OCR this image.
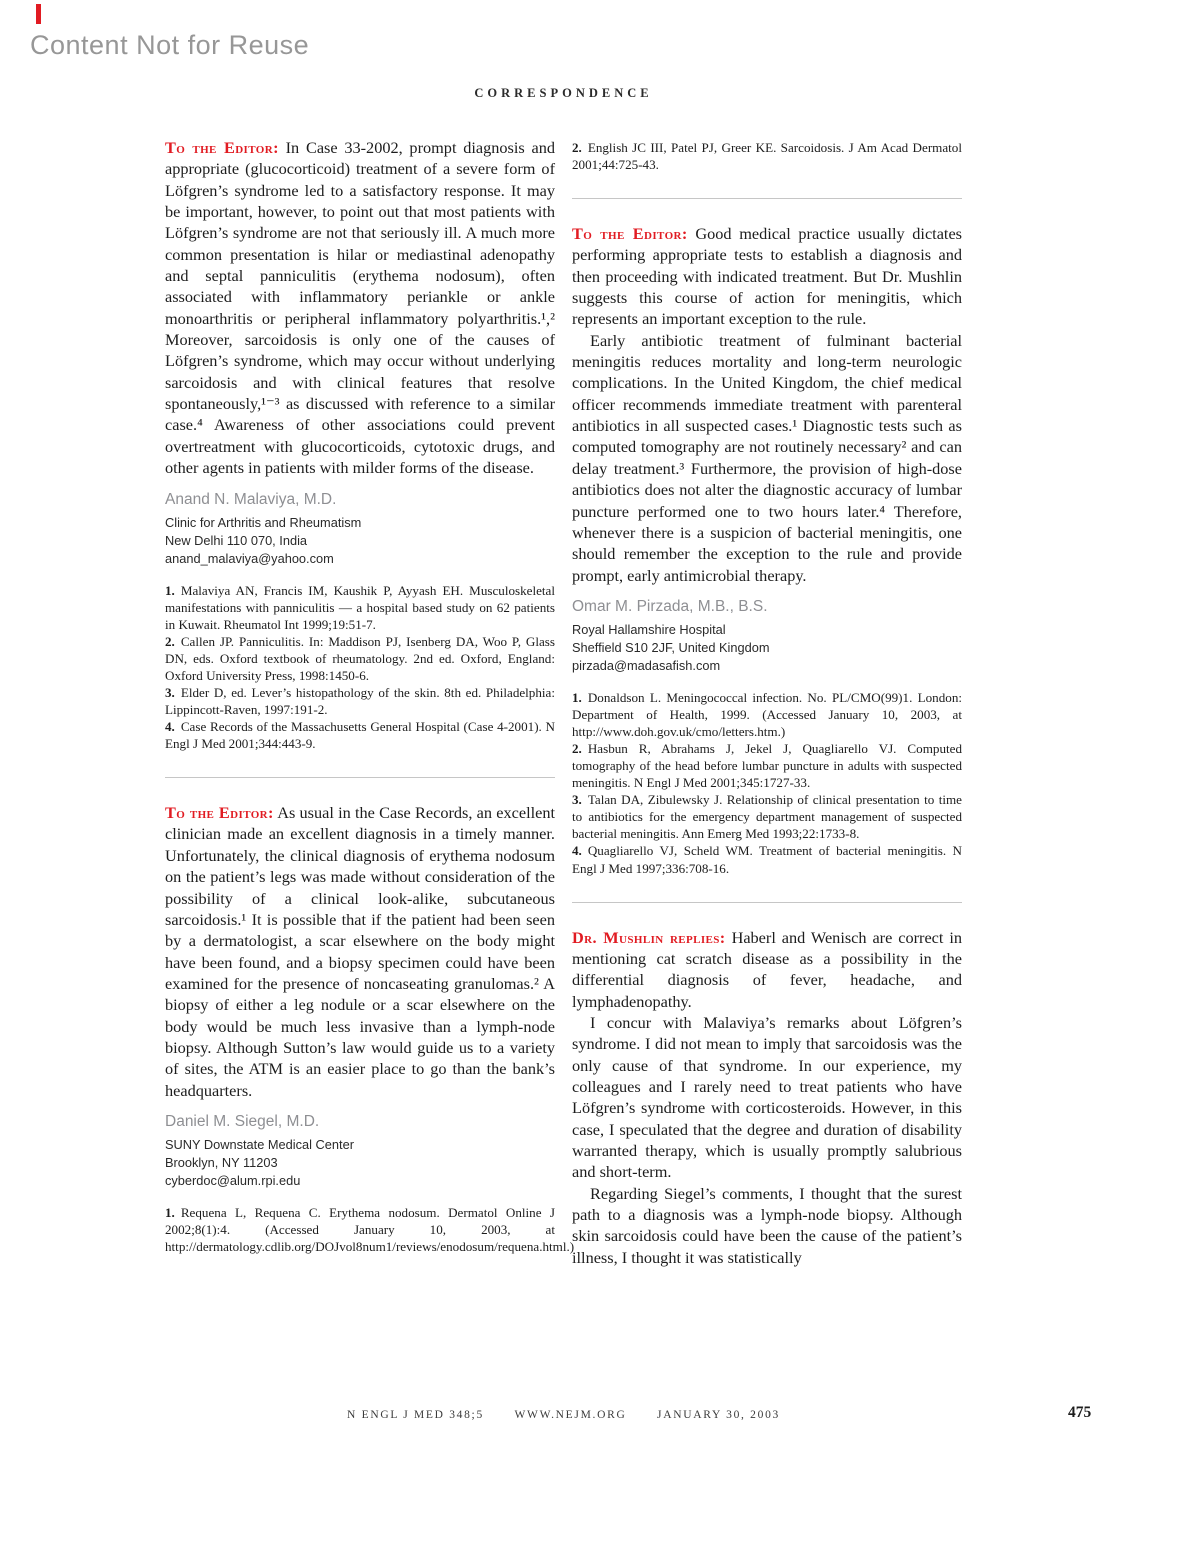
Content Not for Reuse
CORRESPONDENCE

To the Editor: In Case 33-2002, prompt diagnosis and appropriate (glucocorticoid) treatment of a severe form of Löfgren’s syndrome led to a satisfactory response. It may be important, however, to point out that most patients with Löfgren’s syndrome are not that seriously ill. A much more common presentation is hilar or mediastinal adenopathy and septal panniculitis (erythema nodosum), often associated with inflammatory periankle or ankle monoarthritis or peripheral inflammatory polyarthritis.¹,² Moreover, sarcoidosis is only one of the causes of Löfgren’s syndrome, which may occur without underlying sarcoidosis and with clinical features that resolve spontaneously,¹⁻³ as discussed with reference to a similar case.⁴ Awareness of other associations could prevent overtreatment with glucocorticoids, cytotoxic drugs, and other agents in patients with milder forms of the disease.

Anand N. Malaviya, M.D.

Clinic for Arthritis and Rheumatism
New Delhi 110 070, India
anand_malaviya@yahoo.com

1. Malaviya AN, Francis IM, Kaushik P, Ayyash EH. Musculoskeletal manifestations with panniculitis — a hospital based study on 62 patients in Kuwait. Rheumatol Int 1999;19:51-7.

2. Callen JP. Panniculitis. In: Maddison PJ, Isenberg DA, Woo P, Glass DN, eds. Oxford textbook of rheumatology. 2nd ed. Oxford, England: Oxford University Press, 1998:1450-6.

3. Elder D, ed. Lever’s histopathology of the skin. 8th ed. Philadelphia: Lippincott-Raven, 1997:191-2.

4. Case Records of the Massachusetts General Hospital (Case 4-2001). N Engl J Med 2001;344:443-9.

To the Editor: As usual in the Case Records, an excellent clinician made an excellent diagnosis in a timely manner. Unfortunately, the clinical diagnosis of erythema nodosum on the patient’s legs was made without consideration of the possibility of a clinical look-alike, subcutaneous sarcoidosis.¹ It is possible that if the patient had been seen by a dermatologist, a scar elsewhere on the body might have been found, and a biopsy specimen could have been examined for the presence of noncaseating granulomas.² A biopsy of either a leg nodule or a scar elsewhere on the body would be much less invasive than a lymph-node biopsy. Although Sutton’s law would guide us to a variety of sites, the ATM is an easier place to go than the bank’s headquarters.

Daniel M. Siegel, M.D.

SUNY Downstate Medical Center
Brooklyn, NY 11203
cyberdoc@alum.rpi.edu

1. Requena L, Requena C. Erythema nodosum. Dermatol Online J 2002;8(1):4. (Accessed January 10, 2003, at http://dermatology.cdlib.org/DOJvol8num1/reviews/enodosum/requena.html.)

2. English JC III, Patel PJ, Greer KE. Sarcoidosis. J Am Acad Dermatol 2001;44:725-43.

To the Editor: Good medical practice usually dictates performing appropriate tests to establish a diagnosis and then proceeding with indicated treatment. But Dr. Mushlin suggests this course of action for meningitis, which represents an important exception to the rule.

Early antibiotic treatment of fulminant bacterial meningitis reduces mortality and long-term neurologic complications. In the United Kingdom, the chief medical officer recommends immediate treatment with parenteral antibiotics in all suspected cases.¹ Diagnostic tests such as computed tomography are not routinely necessary² and can delay treatment.³ Furthermore, the provision of high-dose antibiotics does not alter the diagnostic accuracy of lumbar puncture performed one to two hours later.⁴ Therefore, whenever there is a suspicion of bacterial meningitis, one should remember the exception to the rule and provide prompt, early antimicrobial therapy.

Omar M. Pirzada, M.B., B.S.

Royal Hallamshire Hospital
Sheffield S10 2JF, United Kingdom
pirzada@madasafish.com

1. Donaldson L. Meningococcal infection. No. PL/CMO(99)1. London: Department of Health, 1999. (Accessed January 10, 2003, at http://www.doh.gov.uk/cmo/letters.htm.)

2. Hasbun R, Abrahams J, Jekel J, Quagliarello VJ. Computed tomography of the head before lumbar puncture in adults with suspected meningitis. N Engl J Med 2001;345:1727-33.

3. Talan DA, Zibulewsky J. Relationship of clinical presentation to time to antibiotics for the emergency department management of suspected bacterial meningitis. Ann Emerg Med 1993;22:1733-8.

4. Quagliarello VJ, Scheld WM. Treatment of bacterial meningitis. N Engl J Med 1997;336:708-16.

Dr. Mushlin replies: Haberl and Wenisch are correct in mentioning cat scratch disease as a possibility in the differential diagnosis of fever, headache, and lymphadenopathy.

I concur with Malaviya’s remarks about Löfgren’s syndrome. I did not mean to imply that sarcoidosis was the only cause of that syndrome. In our experience, my colleagues and I rarely need to treat patients who have Löfgren’s syndrome with corticosteroids. However, in this case, I speculated that the degree and duration of disability warranted therapy, which is usually promptly salubrious and short-term.

Regarding Siegel’s comments, I thought that the surest path to a diagnosis was a lymph-node biopsy. Although skin sarcoidosis could have been the cause of the patient’s illness, I thought it was statistically

N ENGL J MED 348;5	WWW.NEJM.ORG	JANUARY 30, 2003	475
